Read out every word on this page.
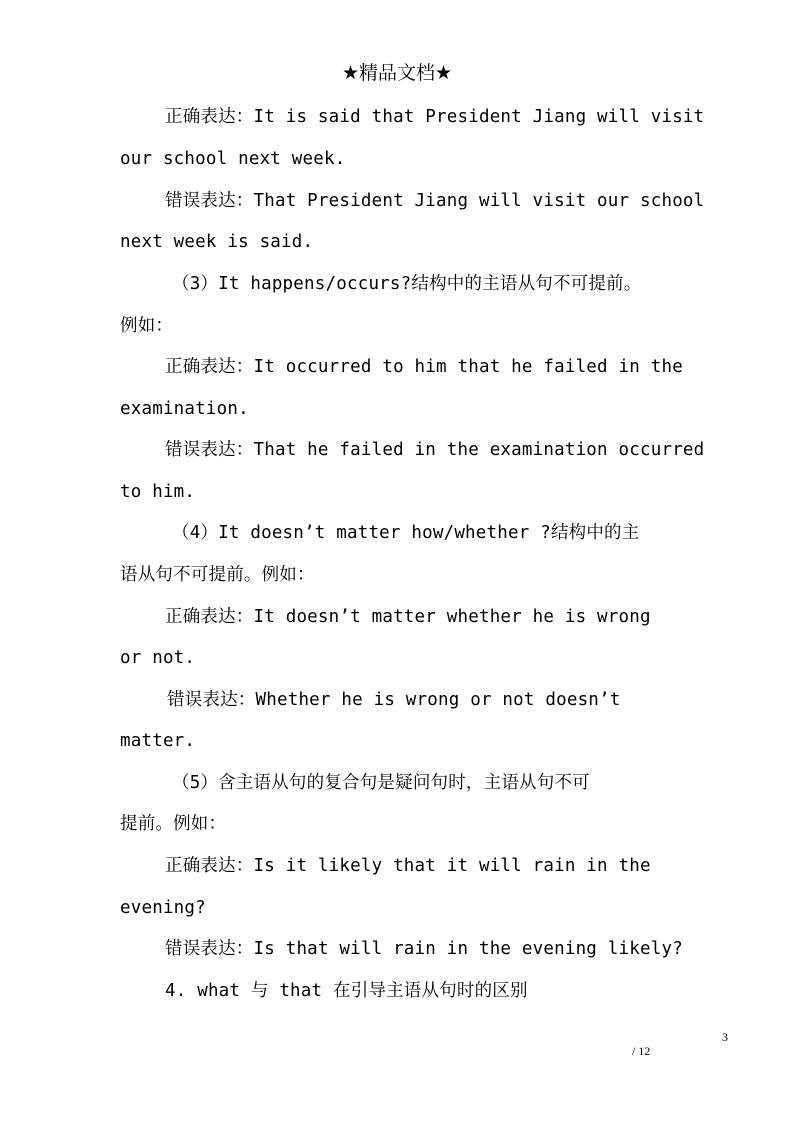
★精品文档★
正确表达：It is said that President Jiang will visit
our school next week.
错误表达：That President Jiang will visit our school
next week is said.
（3）It happens/occurs?结构中的主语从句不可提前。
例如：
正确表达：It occurred to him that he failed in the
examination.
错误表达：That he failed in the examination occurred
to him.
（4）It doesn’t matter how/whether ?结构中的主
语从句不可提前。例如：
正确表达：It doesn’t matter whether he is wrong
or not.
错误表达：Whether he is wrong or not doesn’t
matter.
（5）含主语从句的复合句是疑问句时，主语从句不可
提前。例如：
正确表达：Is it likely that it will rain in the
evening?
错误表达：Is that will rain in the evening likely?
4. what 与 that 在引导主语从句时的区别
3
/ 12
